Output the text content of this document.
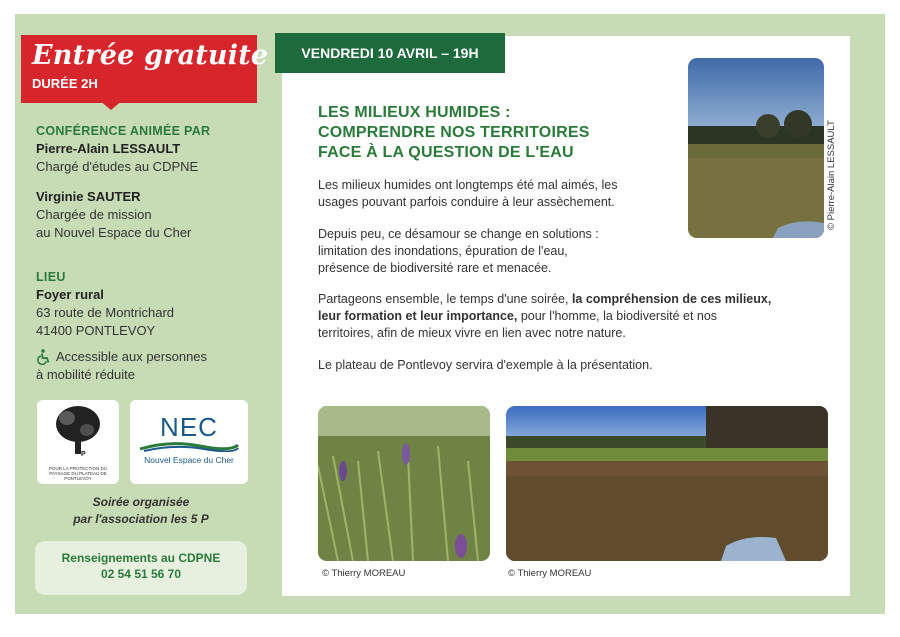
Entrée gratuite
DURÉE 2H
CONFÉRENCE ANIMÉE PAR
Pierre-Alain LESSAULT
Chargé d'études au CDPNE
Virginie SAUTER
Chargée de mission
au Nouvel Espace du Cher
LIEU
Foyer rural
63 route de Montrichard
41400 PONTLEVOY
Accessible aux personnes
à mobilité réduite
5 P
POUR LA PROTECTION DU PAYSAGE DU PLATEAU DE PONTLEVOY
NEC
Nouvel Espace du Cher
Soirée organisée
par l'association les 5 P
Renseignements au CDPNE
02 54 51 56 70
VENDREDI 10 AVRIL – 19H
LES MILIEUX HUMIDES :
COMPRENDRE NOS TERRITOIRES
FACE À LA QUESTION DE L'EAU	© Pierre-Alain LESSAULT
Les milieux humides ont longtemps été mal aimés, les
usages pouvant parfois conduire à leur assèchement.
Depuis peu, ce désamour se change en solutions :
limitation des inondations, épuration de l'eau,
présence de biodiversité rare et menacée.
Partageons ensemble, le temps d'une soirée, la compréhension de ces milieux,
leur formation et leur importance, pour l'homme, la biodiversité et nos
territoires, afin de mieux vivre en lien avec notre nature.
Le plateau de Pontlevoy servira d'exemple à la présentation.
© Thierry MOREAU	© Thierry MOREAU
